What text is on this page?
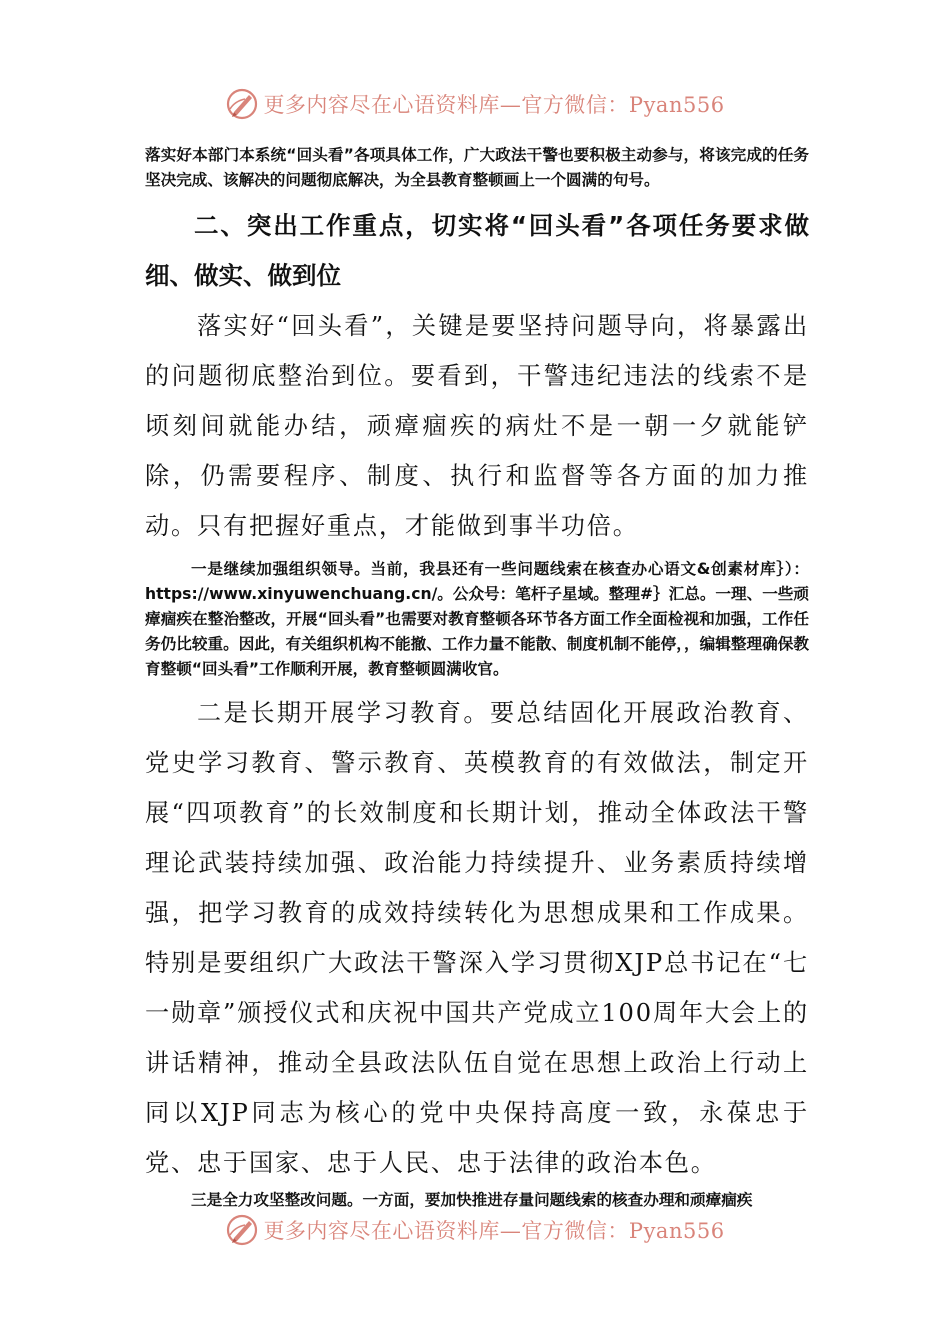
更多内容尽在心语资料库—官方微信：Pyan556

落实好本部门本系统“回头看”各项具体工作，广大政法干警也要积极主动参与，将该完成的任务坚决完成、该解决的问题彻底解决，为全县教育整顿画上一个圆满的句号。

二、突出工作重点，切实将“回头看”各项任务要求做细、做实、做到位

落实好“回头看”，关键是要坚持问题导向，将暴露出的问题彻底整治到位。要看到，干警违纪违法的线索不是顷刻间就能办结，顽瘴痼疾的病灶不是一朝一夕就能铲除，仍需要程序、制度、执行和监督等各方面的加力推动。只有把握好重点，才能做到事半功倍。

一是继续加强组织领导。当前，我县还有一些问题线索在核查办心语文&创素材库｝）：https://www.xinyuwenchuang.cn/。公众号：笔杆子星域。整理#｝汇总。一理、一些顽瘴痼疾在整治整改，开展“回头看”也需要对教育整顿各环节各方面工作全面检视和加强，工作任务仍比较重。因此，有关组织机构不能撤、工作力量不能散、制度机制不能停，，编辑整理确保教育整顿“回头看”工作顺利开展，教育整顿圆满收官。

二是长期开展学习教育。要总结固化开展政治教育、党史学习教育、警示教育、英模教育的有效做法，制定开展“四项教育”的长效制度和长期计划，推动全体政法干警理论武装持续加强、政治能力持续提升、业务素质持续增强，把学习教育的成效持续转化为思想成果和工作成果。特别是要组织广大政法干警深入学习贯彻XJP总书记在“七一勋章”颁授仪式和庆祝中国共产党成立100周年大会上的讲话精神，推动全县政法队伍自觉在思想上政治上行动上同以XJP同志为核心的党中央保持高度一致，永葆忠于党、忠于国家、忠于人民、忠于法律的政治本色。

三是全力攻坚整改问题。一方面，要加快推进存量问题线索的核查办理和顽瘴痼疾

更多内容尽在心语资料库—官方微信：Pyan556
